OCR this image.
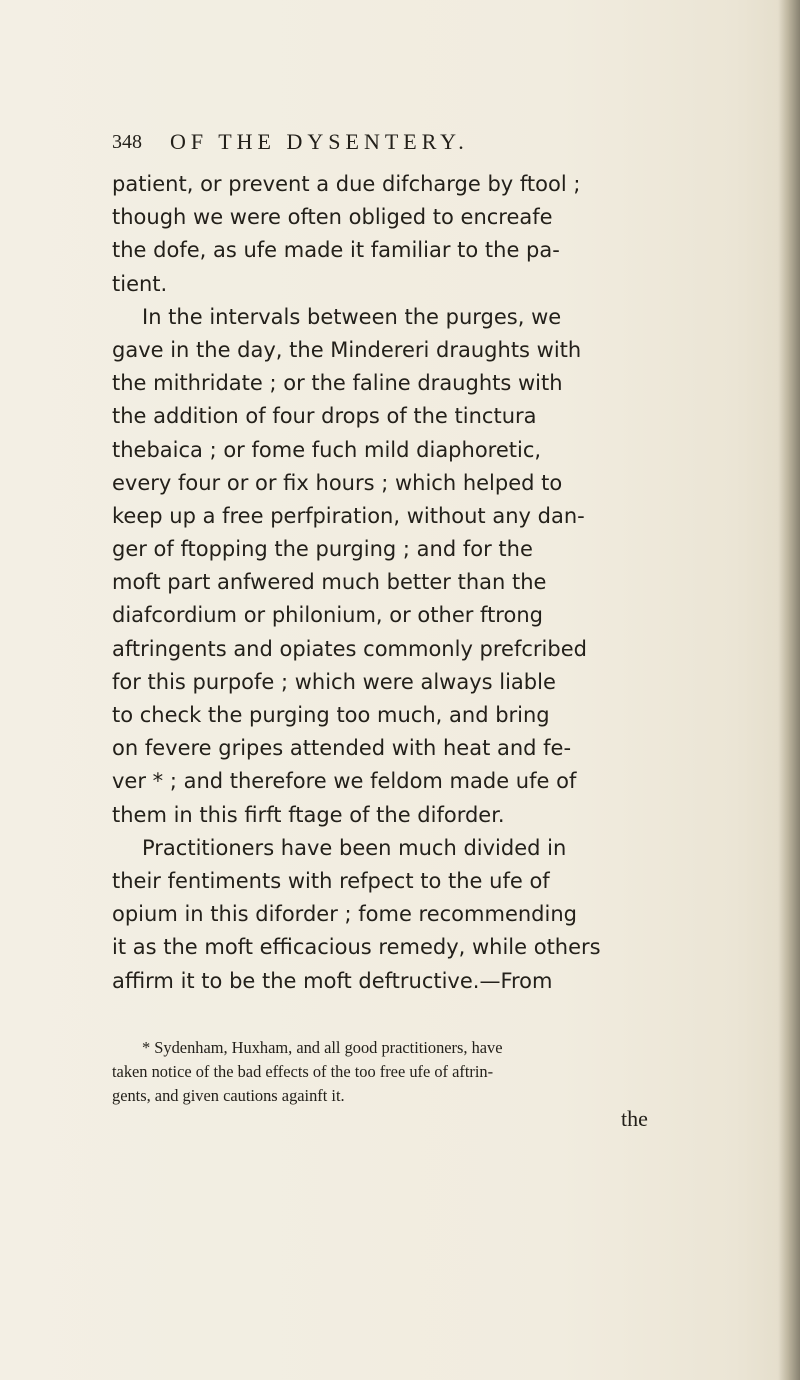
348 OF THE DYSENTERY.
patient, or prevent a due difcharge by ftool ;
though we were often obliged to encreafe
the dofe, as ufe made it familiar to the pa-
tient.
In the intervals between the purges, we
gave in the day, the Mindereri draughts with
the mithridate ; or the faline draughts with
the addition of four drops of the tinctura
thebaica ; or fome fuch mild diaphoretic,
every four or or fix hours ; which helped to
keep up a free perfpiration, without any dan-
ger of ftopping the purging ; and for the
moft part anfwered much better than the
diafcordium or philonium, or other ftrong
aftringents and opiates commonly prefcribed
for this purpofe ; which were always liable
to check the purging too much, and bring
on fevere gripes attended with heat and fe-
ver * ; and therefore we feldom made ufe of
them in this firft ftage of the diforder.
Practitioners have been much divided in
their fentiments with refpect to the ufe of
opium in this diforder ; fome recommending
it as the moft efficacious remedy, while others
affirm it to be the moft deftructive.—From
* Sydenham, Huxham, and all good practitioners, have
taken notice of the bad effects of the too free ufe of aftrin-
gents, and given cautions againft it.
the
